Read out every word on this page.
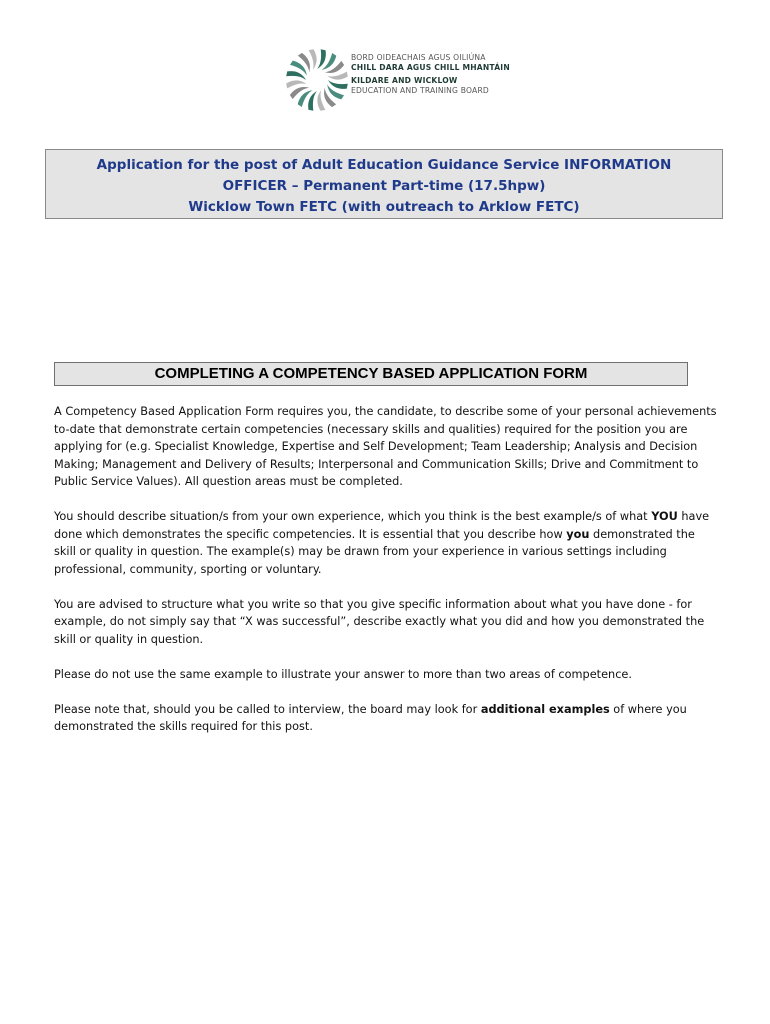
BORD OIDEACHAIS AGUS OILIÚNA
CHILL DARA AGUS CHILL MHANTÁIN
KILDARE AND WICKLOW
EDUCATION AND TRAINING BOARD
Application for the post of Adult Education Guidance Service INFORMATION
OFFICER – Permanent Part-time (17.5hpw)
Wicklow Town FETC (with outreach to Arklow FETC)
COMPLETING A COMPETENCY BASED APPLICATION FORM

A Competency Based Application Form requires you, the candidate, to describe some of your personal achievements to-date that demonstrate certain competencies (necessary skills and qualities) required for the position you are applying for (e.g. Specialist Knowledge, Expertise and Self Development; Team Leadership; Analysis and Decision Making; Management and Delivery of Results; Interpersonal and Communication Skills; Drive and Commitment to Public Service Values). All question areas must be completed.

You should describe situation/s from your own experience, which you think is the best example/s of what YOU have done which demonstrates the specific competencies. It is essential that you describe how you demonstrated the skill or quality in question. The example(s) may be drawn from your experience in various settings including professional, community, sporting or voluntary.

You are advised to structure what you write so that you give specific information about what you have done - for example, do not simply say that “X was successful”, describe exactly what you did and how you demonstrated the skill or quality in question.

Please do not use the same example to illustrate your answer to more than two areas of competence.

Please note that, should you be called to interview, the board may look for additional examples of where you demonstrated the skills required for this post.
